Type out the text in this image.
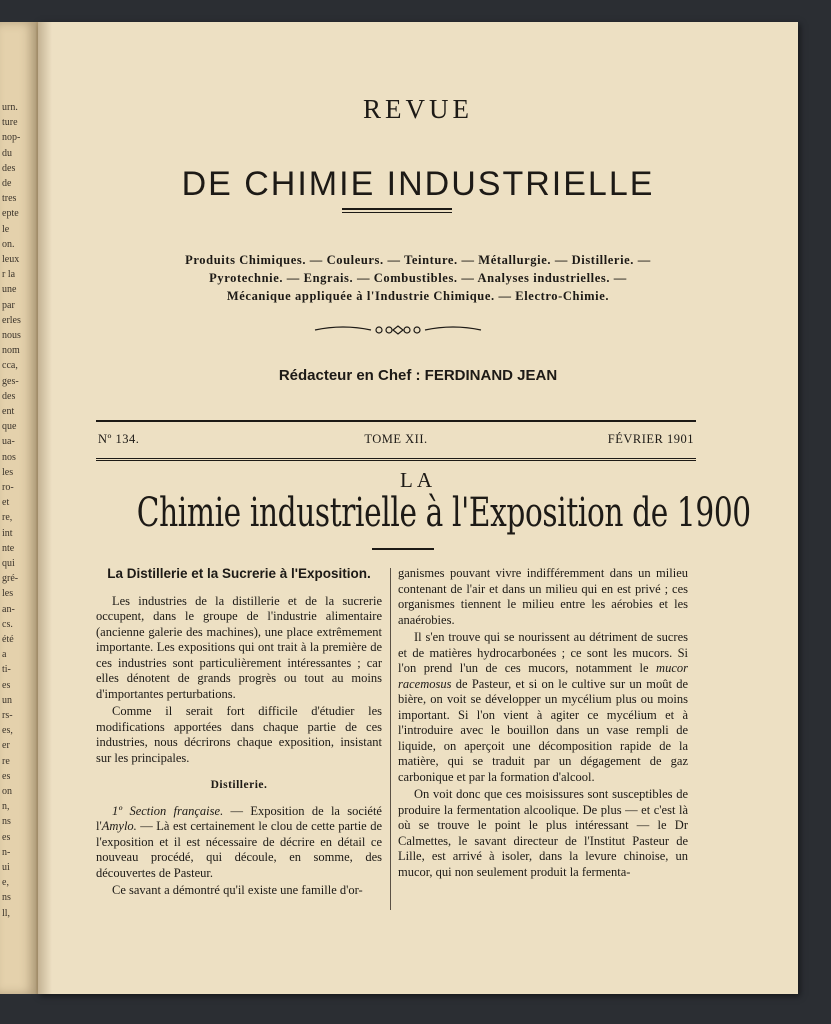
urn.
ture
nop-
du
des
de
tres
epte
le
on.
leux
r la
une
par
erles
nous
nom
cca,
ges-
des
ent
que
ua-
nos
les
ro-
et
re,
int
nte
qui
gré-
les
an-
cs.
été
a
ti-
es
un
rs-
es,
er
re
es
on
n,
ns
es
n-
ui
e,
ns
ll,
REVUE
DE CHIMIE INDUSTRIELLE
Produits Chimiques. — Couleurs. — Teinture. — Métallurgie. — Distillerie. —
Pyrotechnie. — Engrais. — Combustibles. — Analyses industrielles. —
Mécanique appliquée à l'Industrie Chimique. — Electro-Chimie.
Rédacteur en Chef : FERDINAND JEAN
Nº 134.	TOME XII.	FÉVRIER 1901
LA
Chimie industrielle à l'Exposition de 1900
La Distillerie et la Sucrerie à l'Exposition.

Les industries de la distillerie et de la sucrerie occupent, dans le groupe de l'industrie alimentaire (ancienne galerie des machines), une place extrêmement importante. Les expositions qui ont trait à la première de ces industries sont particulièrement intéressantes ; car elles dénotent de grands progrès ou tout au moins d'importantes perturbations.

Comme il serait fort difficile d'étudier les modifications apportées dans chaque partie de ces industries, nous décrirons chaque exposition, insistant sur les principales.

Distillerie.

1º Section française. — Exposition de la société l'Amylo. — Là est certainement le clou de cette partie de l'exposition et il est nécessaire de décrire en détail ce nouveau procédé, qui découle, en somme, des découvertes de Pasteur.

Ce savant a démontré qu'il existe une famille d'or-

ganismes pouvant vivre indifféremment dans un milieu contenant de l'air et dans un milieu qui en est privé ; ces organismes tiennent le milieu entre les aérobies et les anaérobies.

Il s'en trouve qui se nourissent au détriment de sucres et de matières hydrocarbonées ; ce sont les mucors. Si l'on prend l'un de ces mucors, notamment le mucor racemosus de Pasteur, et si on le cultive sur un moût de bière, on voit se développer un mycélium plus ou moins important. Si l'on vient à agiter ce mycélium et à l'introduire avec le bouillon dans un vase rempli de liquide, on aperçoit une décomposition rapide de la matière, qui se traduit par un dégagement de gaz carbonique et par la formation d'alcool.

On voit donc que ces moisissures sont susceptibles de produire la fermentation alcoolique. De plus — et c'est là où se trouve le point le plus intéressant — le Dr Calmettes, le savant directeur de l'Institut Pasteur de Lille, est arrivé à isoler, dans la levure chinoise, un mucor, qui non seulement produit la fermenta-
